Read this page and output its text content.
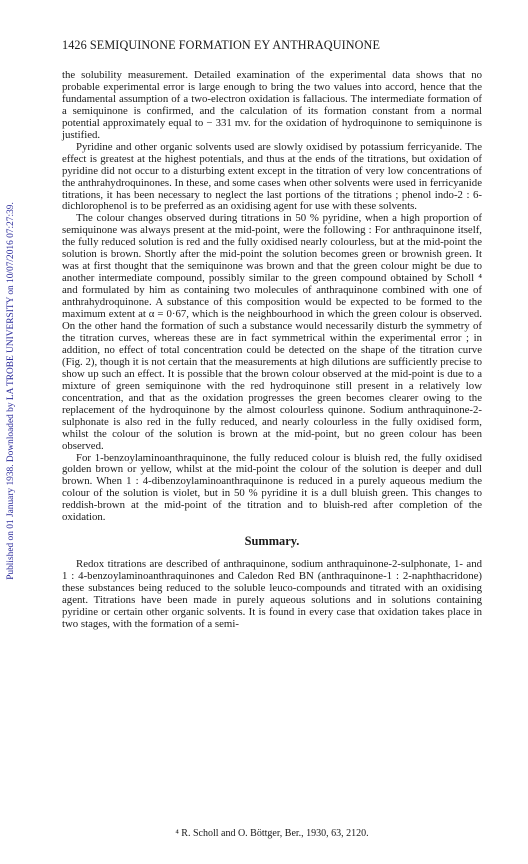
Published on 01 January 1938. Downloaded by LA TROBE UNIVERSITY on 10/07/2016 07:27:39.
1426 SEMIQUINONE FORMATION EY ANTHRAQUINONE

the solubility measurement. Detailed examination of the experimental data shows that no probable experimental error is large enough to bring the two values into accord, hence that the fundamental assumption of a two-electron oxidation is fallacious. The intermediate formation of a semiquinone is confirmed, and the calculation of its formation constant from a normal potential approximately equal to − 331 mv. for the oxidation of hydroquinone to semiquinone is justified.

Pyridine and other organic solvents used are slowly oxidised by potassium ferricyanide. The effect is greatest at the highest potentials, and thus at the ends of the titrations, but oxidation of pyridine did not occur to a disturbing extent except in the titration of very low concentrations of the anthrahydroquinones. In these, and some cases when other solvents were used in ferricyanide titrations, it has been necessary to neglect the last portions of the titrations ; phenol indo-2 : 6-dichlorophenol is to be preferred as an oxidising agent for use with these solvents.

The colour changes observed during titrations in 50 % pyridine, when a high proportion of semiquinone was always present at the mid-point, were the following : For anthraquinone itself, the fully reduced solution is red and the fully oxidised nearly colourless, but at the mid-point the solution is brown. Shortly after the mid-point the solution becomes green or brownish green. It was at first thought that the semiquinone was brown and that the green colour might be due to another intermediate compound, possibly similar to the green compound obtained by Scholl ⁴ and formulated by him as containing two molecules of anthraquinone combined with one of anthrahydroquinone. A substance of this composition would be expected to be formed to the maximum extent at α = 0·67, which is the neighbourhood in which the green colour is observed. On the other hand the formation of such a substance would necessarily disturb the symmetry of the titration curves, whereas these are in fact symmetrical within the experimental error ; in addition, no effect of total concentration could be detected on the shape of the titration curve (Fig. 2), though it is not certain that the measurements at high dilutions are sufficiently precise to show up such an effect. It is possible that the brown colour observed at the mid-point is due to a mixture of green semiquinone with the red hydroquinone still present in a relatively low concentration, and that as the oxidation progresses the green becomes clearer owing to the replacement of the hydroquinone by the almost colourless quinone. Sodium anthraquinone-2-sulphonate is also red in the fully reduced, and nearly colourless in the fully oxidised form, whilst the colour of the solution is brown at the mid-point, but no green colour has been observed.

For 1-benzoylaminoanthraquinone, the fully reduced colour is bluish red, the fully oxidised golden brown or yellow, whilst at the mid-point the colour of the solution is deeper and dull brown. When 1 : 4-dibenzoylaminoanthraquinone is reduced in a purely aqueous medium the colour of the solution is violet, but in 50 % pyridine it is a dull bluish green. This changes to reddish-brown at the mid-point of the titration and to bluish-red after completion of the oxidation.

Summary.

Redox titrations are described of anthraquinone, sodium anthraquinone-2-sulphonate, 1- and 1 : 4-benzoylaminoanthraquinones and Caledon Red BN (anthraquinone-1 : 2-naphthacridone) these substances being reduced to the soluble leuco-compounds and titrated with an oxidising agent. Titrations have been made in purely aqueous solutions and in solutions containing pyridine or certain other organic solvents. It is found in every case that oxidation takes place in two stages, with the formation of a semi-

⁴ R. Scholl and O. Böttger, Ber., 1930, 63, 2120.
